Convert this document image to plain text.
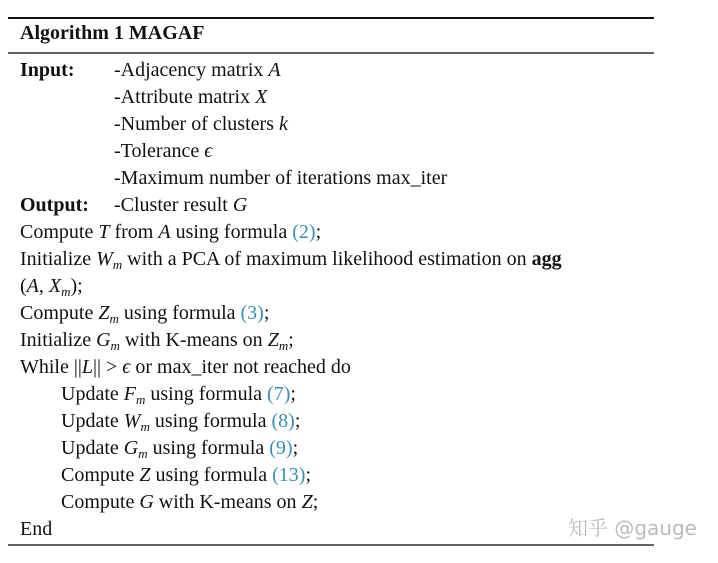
Algorithm 1 MAGAF
Input: -Adjacency matrix A
-Attribute matrix X
-Number of clusters k
-Tolerance ϵ
-Maximum number of iterations max_iter
Output: -Cluster result G
Compute T from A using formula (2);
Initialize $W_m$ with a PCA of maximum likelihood estimation on agg
(A, $X_m$);
Compute $Z_m$ using formula (3);
Initialize $G_m$ with K-means on $Z_m$;
While ||L|| > ϵ or max_iter not reached do
Update $F_m$ using formula (7);
Update $W_m$ using formula (8);
Update $G_m$ using formula (9);
Compute Z using formula (13);
Compute G with K-means on Z;
End	知乎 @gauge
